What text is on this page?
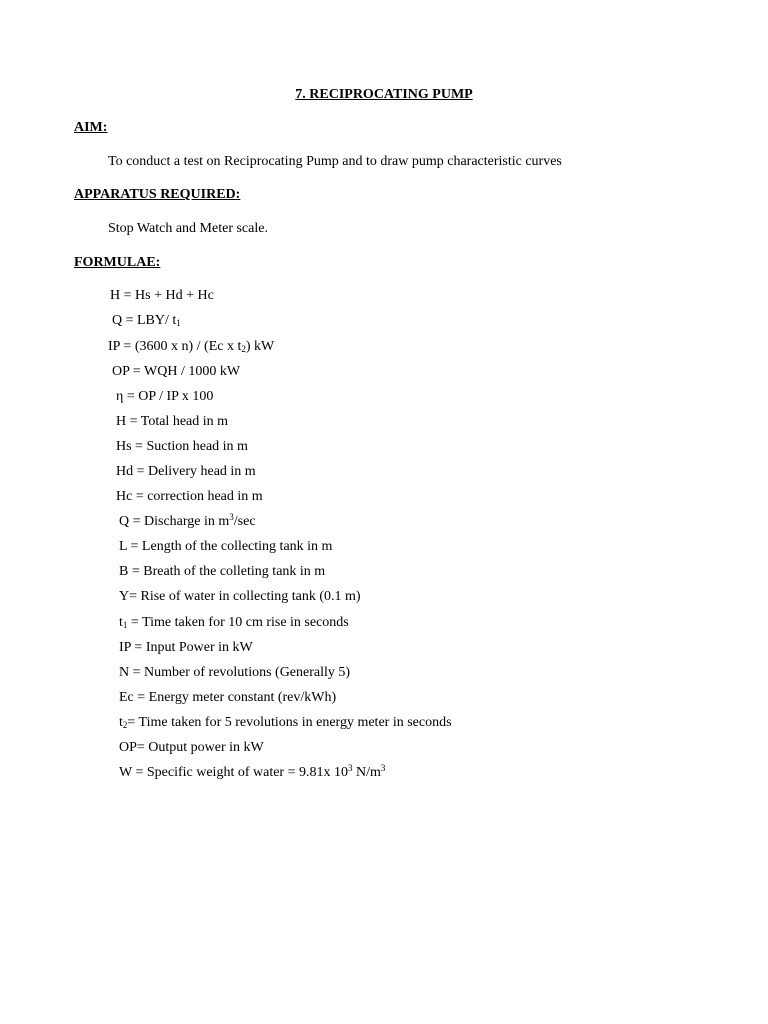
7. RECIPROCATING PUMP
AIM:
To conduct a test on Reciprocating Pump and to draw pump characteristic curves
APPARATUS REQUIRED:
Stop Watch and Meter scale.
FORMULAE:
H = Hs + Hd + Hc
Q = LBY/ $t_1$
IP = (3600 x n) / (Ec x $t_2$) kW
OP = WQH / 1000 kW
η = OP / IP x 100
H = Total head in m
Hs = Suction head in m
Hd = Delivery head in m
Hc = correction head in m
Q = Discharge in $m^3/\sec$
L = Length of the collecting tank in m
B = Breath of the colleting tank in m
Y= Rise of water in collecting tank (0.1 m)
$t_1$ = Time taken for 10 cm rise in seconds
IP = Input Power in kW
N = Number of revolutions (Generally 5)
Ec = Energy meter constant (rev/kWh)
$t_2=$ Time taken for 5 revolutions in energy meter in seconds
OP= Output power in kW
W = Specific weight of water = 9.81x $10^3$ $N/m^3$
